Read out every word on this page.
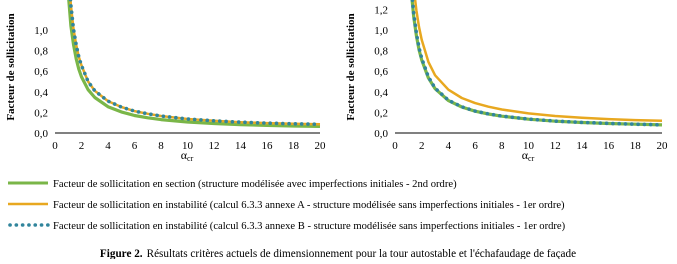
Facteur de sollicitation
0,0
0,2
0,4
0,6
0,8
1,0
0 2 4 6 8 10 12 14 16 18 20
αcr
Facteur de sollicitation
0,0
0,2
0,4
0,6
0,8
1,0
1,2
0 2 4 6 8 10 12 14 16 18 20
αcr
Facteur de sollicitation en section (structure modélisée avec imperfections initiales - 2nd ordre)
Facteur de sollicitation en instabilité (calcul 6.3.3 annexe A - structure modélisée sans imperfections initiales - 1er ordre)
Facteur de sollicitation en instabilité (calcul 6.3.3 annexe B - structure modélisée sans imperfections initiales - 1er ordre)
Figure 2. Résultats critères actuels de dimensionnement pour la tour autostable et l'échafaudage de façade
